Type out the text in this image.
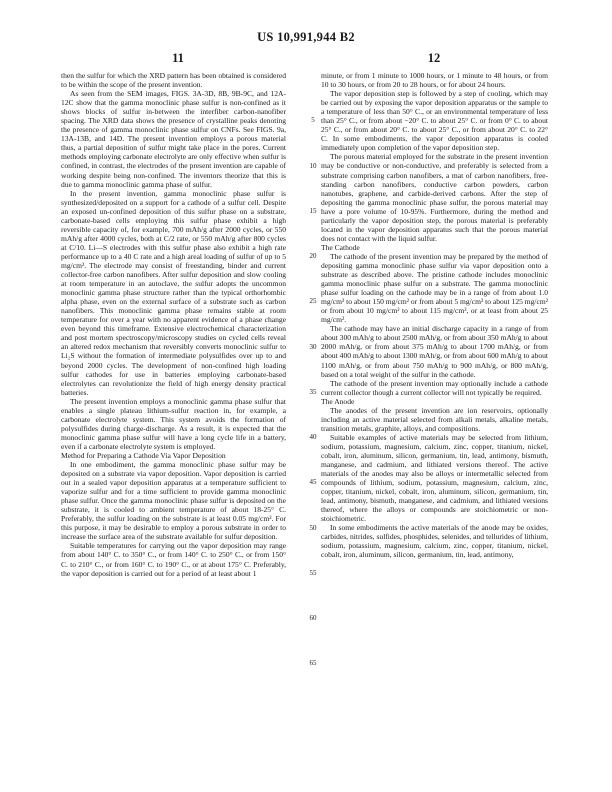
US 10,991,944 B2
11	12

then the sulfur for which the XRD pattern has been obtained is considered to be within the scope of the present invention.

As seen from the SEM images, FIGS. 3A-3D, 8B, 9B-9C, and 12A-12C show that the gamma monoclinic phase sulfur is non-confined as it shows blocks of sulfur in-between the interfiber carbon-nanofiber spacing. The XRD data shows the presence of crystalline peaks denoting the presence of gamma monoclinic phase sulfur on CNFs. See FIGS. 9a, 13A-13B, and 14D. The present invention employs a porous material thus, a partial deposition of sulfur might take place in the pores. Current methods employing carbonate electrolyte are only effective when sulfur is confined, in contrast, the electrodes of the present invention are capable of working despite being non-confined. The inventors theorize that this is due to gamma monoclinic gamma phase of sulfur.

In the present invention, gamma monoclinic phase sulfur is synthesized/deposited on a support for a cathode of a sulfur cell. Despite an exposed un-confined deposition of this sulfur phase on a substrate, carbonate-based cells employing this sulfur phase exhibit a high reversible capacity of, for example, 700 mAh/g after 2000 cycles, or 550 mAh/g after 4000 cycles, both at C/2 rate, or 550 mAh/g after 800 cycles at C/10. Li—S electrodes with this sulfur phase also exhibit a high rate performance up to a 40 C rate and a high areal loading of sulfur of up to 5 mg/cm². The electrode may consist of freestanding, binder and current collector-free carbon nanofibers. After sulfur deposition and slow cooling at room temperature in an autoclave, the sulfur adopts the uncommon monoclinic gamma phase structure rather than the typical orthorhombic alpha phase, even on the external surface of a substrate such as carbon nanofibers. This monoclinic gamma phase remains stable at room temperature for over a year with no apparent evidence of a phase change even beyond this timeframe. Extensive electrochemical characterization and post mortem spectroscopy/microscopy studies on cycled cells reveal an altered redox mechanism that reversibly converts monoclinic sulfur to Li₂S without the formation of intermediate polysulfides over up to and beyond 2000 cycles. The development of non-confined high loading sulfur cathodes for use in batteries employing carbonate-based electrolytes can revolutionize the field of high energy density practical batteries.

The present invention employs a monoclinic gamma phase sulfur that enables a single plateau lithium-sulfur reaction in, for example, a carbonate electrolyte system. This system avoids the formation of polysulfides during charge-discharge. As a result, it is expected that the monoclinic gamma phase sulfur will have a long cycle life in a battery, even if a carbonate electrolyte system is employed.

Method for Preparing a Cathode Via Vapor Deposition

In one embodiment, the gamma monoclinic phase sulfur may be deposited on a substrate via vapor deposition. Vapor deposition is carried out in a sealed vapor deposition apparatus at a temperature sufficient to vaporize sulfur and for a time sufficient to provide gamma monoclinic phase sulfur. Once the gamma monoclinic phase sulfur is deposited on the substrate, it is cooled to ambient temperature of about 18-25° C. Preferably, the sulfur loading on the substrate is at least 0.05 mg/cm². For this purpose, it may be desirable to employ a porous substrate in order to increase the surface area of the substrate available for sulfur deposition.

Suitable temperatures for carrying out the vapor deposition may range from about 140° C. to 350° C., or from 140° C. to 250° C., or from 150° C. to 210° C., or from 160° C. to 190° C., or at about 175° C. Preferably, the vapor deposition is carried out for a period of at least about 1

5
10
15
20
25
30
35
40
45
50
55
60
65

minute, or from 1 minute to 1000 hours, or 1 minute to 48 hours, or from 10 to 30 hours, or from 20 to 28 hours, or for about 24 hours.

The vapor deposition step is followed by a step of cooling, which may be carried out by exposing the vapor deposition apparatus or the sample to a temperature of less than 50° C., or an environmental temperature of less than 25° C., or from about −20° C. to about 25° C. or from 0° C. to about 25° C., or from about 20° C. to about 25° C., or from about 20° C. to 22° C. In some embodiments, the vapor deposition apparatus is cooled immediately upon completion of the vapor deposition step.

The porous material employed for the substrate in the present invention may be conductive or non-conductive, and preferably is selected from a substrate comprising carbon nanofibers, a mat of carbon nanofibers, free-standing carbon nanofibers, conductive carbon powders, carbon nanotubes, graphene, and carbide-derived carbons. After the step of depositing the gamma monoclinic phase sulfur, the porous material may have a pore volume of 10-95%. Furthermore, during the method and particularly the vapor deposition step, the porous material is preferably located in the vapor deposition apparatus such that the porous material does not contact with the liquid sulfur.

The Cathode

The cathode of the present invention may be prepared by the method of depositing gamma monoclinic phase sulfur via vapor deposition onto a substrate as described above. The pristine cathode includes monoclinic gamma monoclinic phase sulfur on a substrate. The gamma monoclinic phase sulfur loading on the cathode may be in a range of from about 1.0 mg/cm² to about 150 mg/cm² or from about 5 mg/cm² to about 125 mg/cm² or from about 10 mg/cm² to about 115 mg/cm², or at least from about 25 mg/cm².

The cathode may have an initial discharge capacity in a range of from about 300 mAh/g to about 2500 mAh/g, or from about 350 mAh/g to about 2000 mAh/g, or from about 375 mAh/g to about 1700 mAh/g, or from about 400 mAh/g to about 1300 mAh/g, or from about 600 mAh/g to about 1100 mAh/g, or from about 750 mAh/g to 900 mAh/g, or 800 mAh/g, based on a total weight of the sulfur in the cathode.

The cathode of the present invention may optionally include a cathode current collector though a current collector will not typically be required.

The Anode

The anodes of the present invention are ion reservoirs, optionally including an active material selected from alkali metals, alkaline metals, transition metals, graphite, alloys, and compositions.

Suitable examples of active materials may be selected from lithium, sodium, potassium, magnesium, calcium, zinc, copper, titanium, nickel, cobalt, iron, aluminum, silicon, germanium, tin, lead, antimony, bismuth, manganese, and cadmium, and lithiated versions thereof. The active materials of the anodes may also be alloys or intermetallic selected from compounds of lithium, sodium, potassium, magnesium, calcium, zinc, copper, titanium, nickel, cobalt, iron, aluminum, silicon, germanium, tin, lead, antimony, bismuth, manganese, and cadmium, and lithiated versions thereof, where the alloys or compounds are stoichiometric or non-stoichiometric.

In some embodiments the active materials of the anode may be oxides, carbides, nitrides, sulfides, phosphides, selenides, and tellurides of lithium, sodium, potassium, magnesium, calcium, zinc, copper, titanium, nickel, cobalt, iron, aluminum, silicon, germanium, tin, lead, antimony,
